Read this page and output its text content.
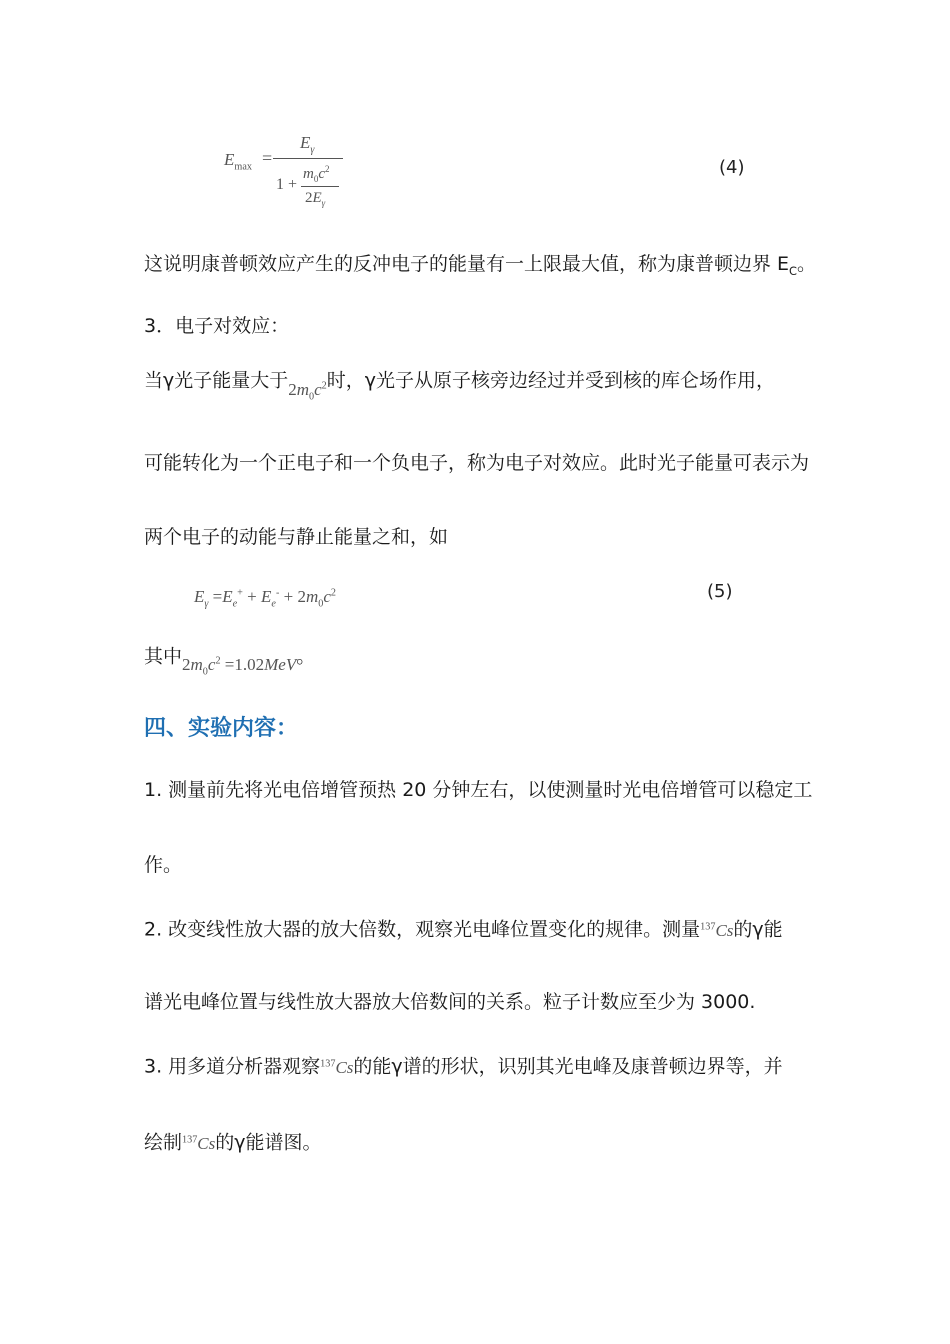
$E_{max}$ =
$E_\gamma$
1 +
$m_0c^2$
$2E_\gamma$
(4)
这说明康普顿效应产生的反冲电子的能量有一上限最大值，称为康普顿边界 $E_C$。
3．电子对效应：
当γ光子能量大于$2m_0c^2$时，γ光子从原子核旁边经过并受到核的库仑场作用，
可能转化为一个正电子和一个负电子，称为电子对效应。此时光子能量可表示为
两个电子的动能与静止能量之和，如
$E_\gamma =E_e^+ + E_e^- + 2m_0c^2$	(5)
其中$2m_0c^2 =1.02MeV$。
四、实验内容：
1. 测量前先将光电倍增管预热 20 分钟左右，以使测量时光电倍增管可以稳定工
作。
2. 改变线性放大器的放大倍数，观察光电峰位置变化的规律。测量$^{137}$Cs的γ能
谱光电峰位置与线性放大器放大倍数间的关系。粒子计数应至少为 3000.
3. 用多道分析器观察$^{137}$Cs的能γ谱的形状，识别其光电峰及康普顿边界等，并
绘制$^{137}$Cs的γ能谱图。
